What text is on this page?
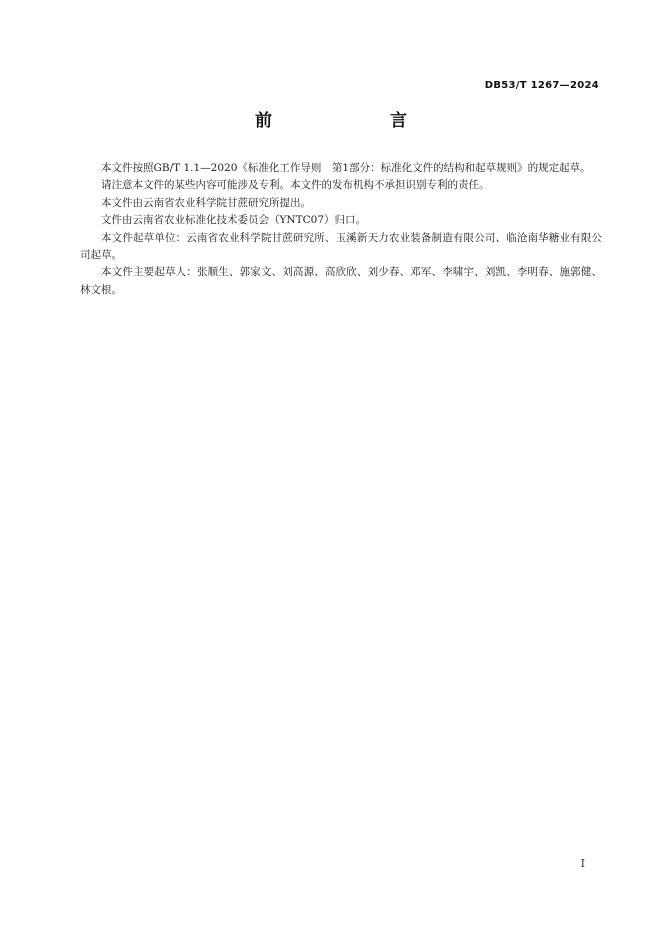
DB53/T 1267—2024
前　　言

本文件按照GB/T 1.1—2020《标准化工作导则　第1部分：标准化文件的结构和起草规则》的规定起草。

请注意本文件的某些内容可能涉及专利。本文件的发布机构不承担识别专利的责任。

本文件由云南省农业科学院甘蔗研究所提出。

文件由云南省农业标准化技术委员会（YNTC07）归口。

本文件起草单位：云南省农业科学院甘蔗研究所、玉溪新天力农业装备制造有限公司、临沧南华糖业有限公司起草。

本文件主要起草人：张顺生、郭家文、刘高源、高欣欣、刘少春、邓军、李啸宇、刘凯、李明春、施郭健、林文根。

I
